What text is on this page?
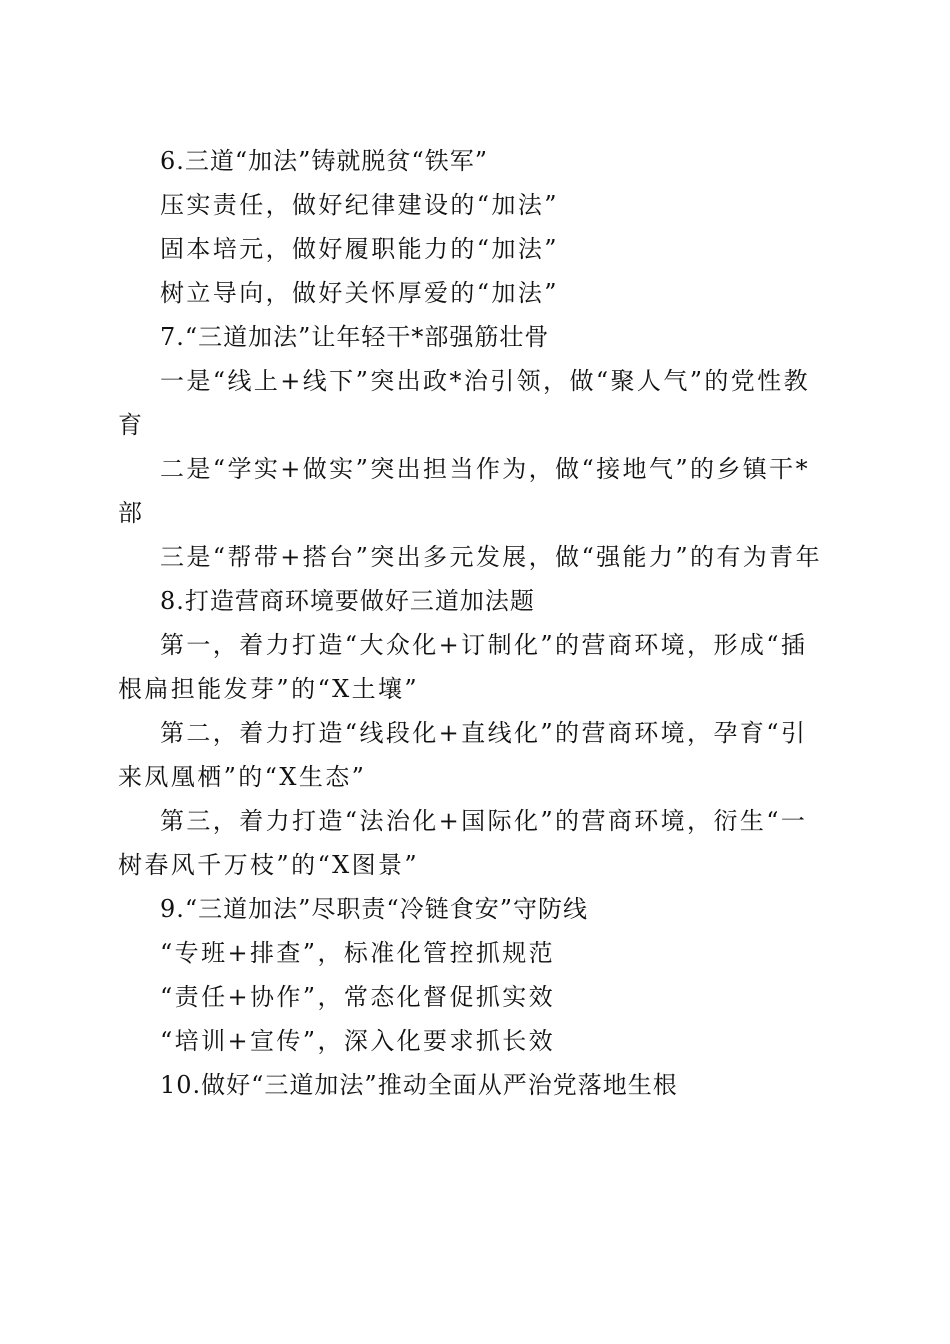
6.三道“加法”铸就脱贫“铁军”

压实责任，做好纪律建设的“加法”

固本培元，做好履职能力的“加法”

树立导向，做好关怀厚爱的“加法”

7.“三道加法”让年轻干*部强筋壮骨

一是“线上+线下”突出政*治引领，做“聚人气”的党性教育

二是“学实+做实”突出担当作为，做“接地气”的乡镇干*部

三是“帮带+搭台”突出多元发展，做“强能力”的有为青年

8.打造营商环境要做好三道加法题

第一，着力打造“大众化+订制化”的营商环境，形成“插根扁担能发芽”的“X土壤”

第二，着力打造“线段化+直线化”的营商环境，孕育“引来凤凰栖”的“X生态”

第三，着力打造“法治化+国际化”的营商环境，衍生“一树春风千万枝”的“X图景”

9.“三道加法”尽职责“冷链食安”守防线

“专班+排查”，标准化管控抓规范

“责任+协作”，常态化督促抓实效

“培训+宣传”，深入化要求抓长效

10.做好“三道加法”推动全面从严治党落地生根
